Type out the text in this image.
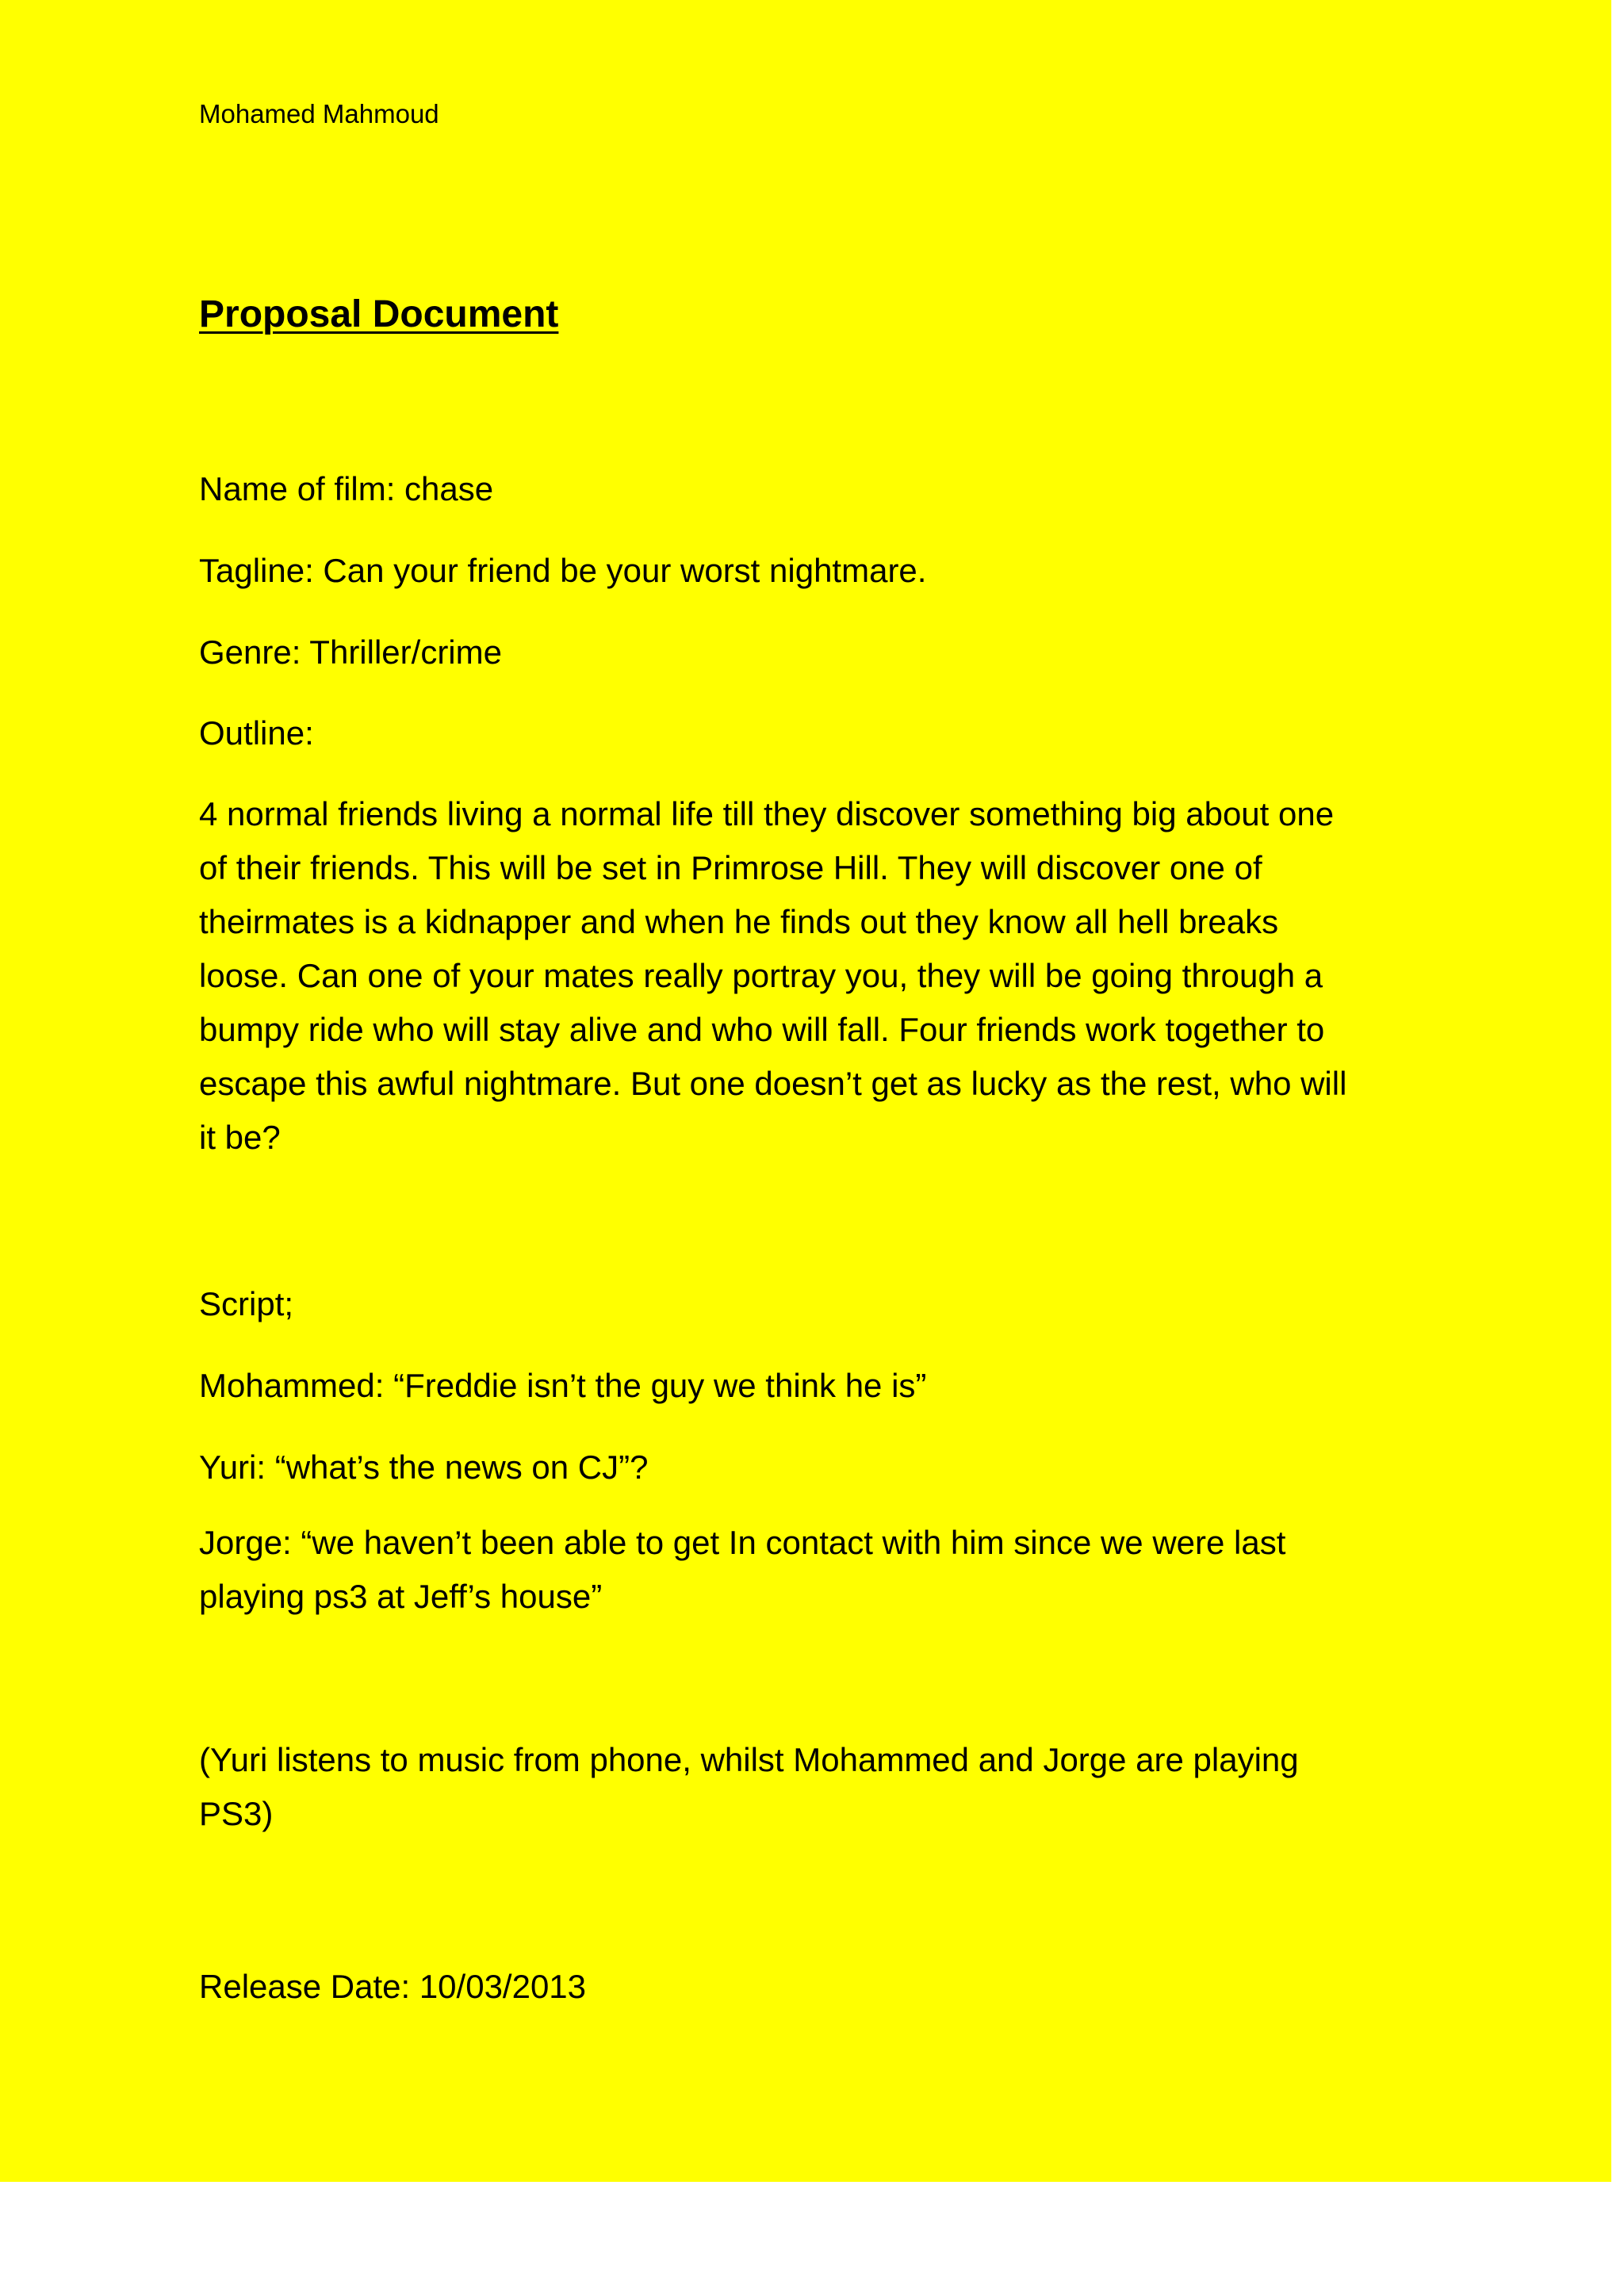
Mohamed Mahmoud

Proposal Document

Name of film: chase

Tagline: Can your friend be your worst nightmare.

Genre: Thriller/crime

Outline:

4 normal friends living a normal life till they discover something big about one
of their friends. This will be set in Primrose Hill. They will discover one of
theirmates is a kidnapper and when he finds out they know all hell breaks
loose. Can one of your mates really portray you, they will be going through a
bumpy ride who will stay alive and who will fall. Four friends work together to
escape this awful nightmare. But one doesn’t get as lucky as the rest, who will
it be?

Script;

Mohammed: “Freddie isn’t the guy we think he is”

Yuri: “what’s the news on CJ”?

Jorge: “we haven’t been able to get In contact with him since we were last
playing ps3 at Jeff’s house”
(Yuri listens to music from phone, whilst Mohammed and Jorge are playing
PS3)

Release Date: 10/03/2013
